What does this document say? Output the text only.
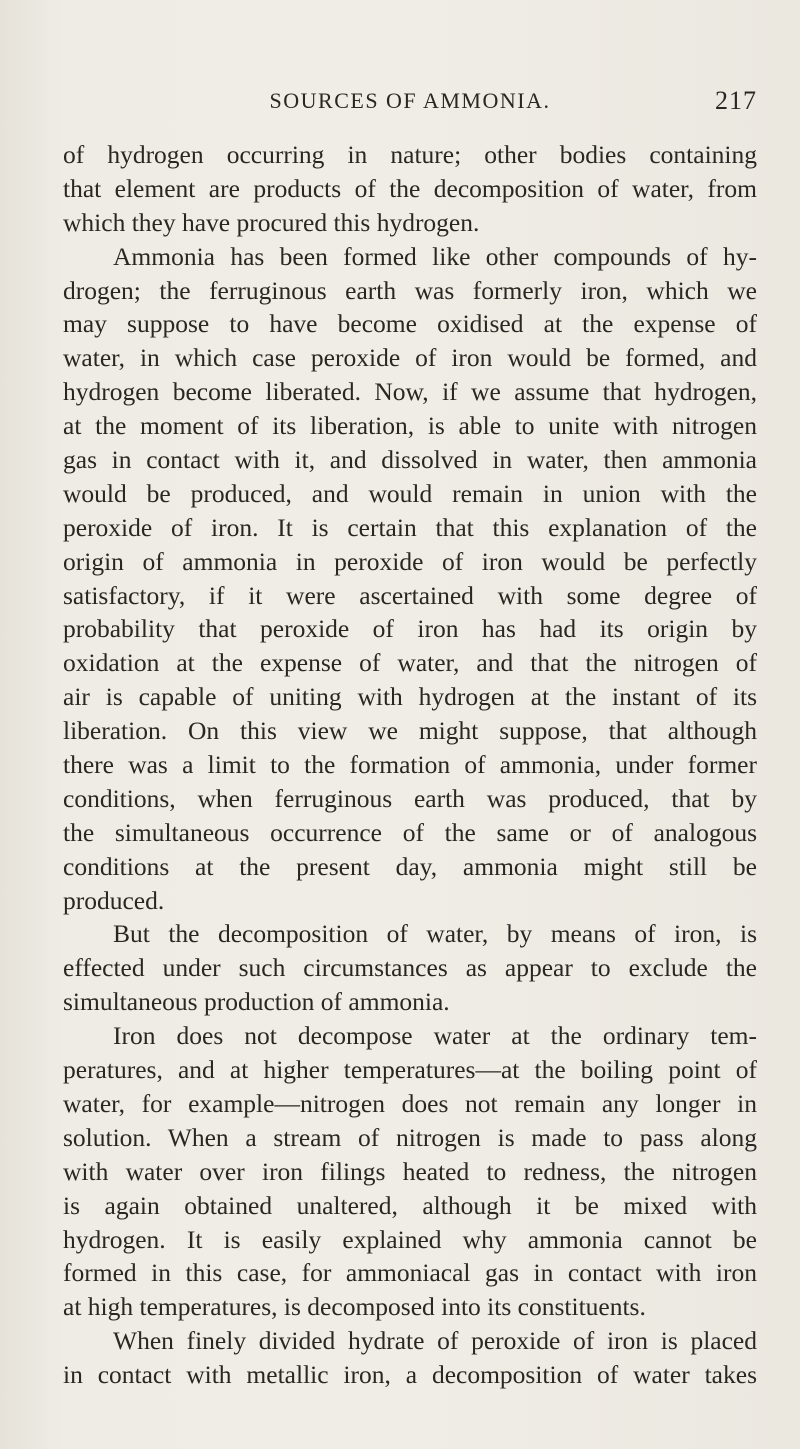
SOURCES OF AMMONIA.	217
of hydrogen occurring in nature; other bodies containing
that element are products of the decomposition of water, from
which they have procured this hydrogen.
Ammonia has been formed like other compounds of hy-
drogen; the ferruginous earth was formerly iron, which we
may suppose to have become oxidised at the expense of
water, in which case peroxide of iron would be formed, and
hydrogen become liberated. Now, if we assume that hydrogen,
at the moment of its liberation, is able to unite with nitrogen
gas in contact with it, and dissolved in water, then ammonia
would be produced, and would remain in union with the
peroxide of iron. It is certain that this explanation of the
origin of ammonia in peroxide of iron would be perfectly
satisfactory, if it were ascertained with some degree of
probability that peroxide of iron has had its origin by
oxidation at the expense of water, and that the nitrogen of
air is capable of uniting with hydrogen at the instant of its
liberation. On this view we might suppose, that although
there was a limit to the formation of ammonia, under former
conditions, when ferruginous earth was produced, that by
the simultaneous occurrence of the same or of analogous
conditions at the present day, ammonia might still be
produced.
But the decomposition of water, by means of iron, is
effected under such circumstances as appear to exclude the
simultaneous production of ammonia.
Iron does not decompose water at the ordinary tem-
peratures, and at higher temperatures—at the boiling point of
water, for example—nitrogen does not remain any longer in
solution. When a stream of nitrogen is made to pass along
with water over iron filings heated to redness, the nitrogen
is again obtained unaltered, although it be mixed with
hydrogen. It is easily explained why ammonia cannot be
formed in this case, for ammoniacal gas in contact with iron
at high temperatures, is decomposed into its constituents.
When finely divided hydrate of peroxide of iron is placed
in contact with metallic iron, a decomposition of water takes
